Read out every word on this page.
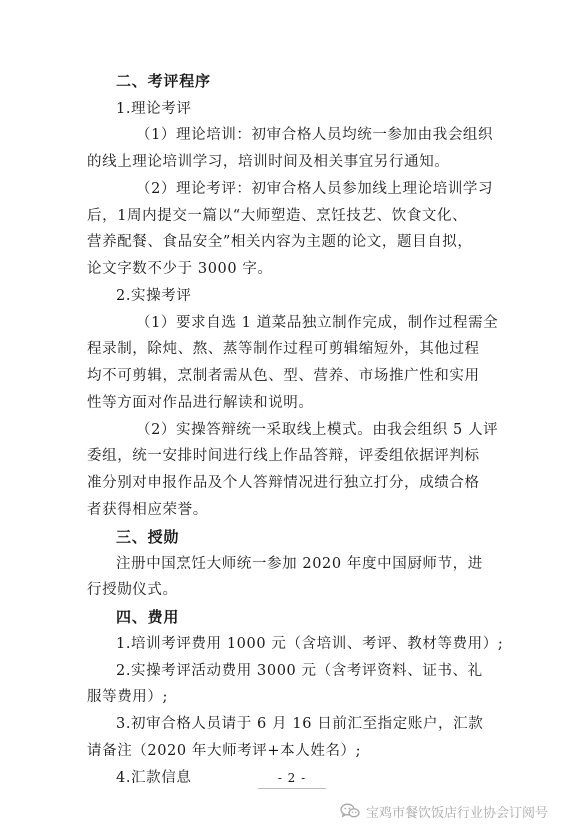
二、考评程序
1.理论考评
（1）理论培训：初审合格人员均统一参加由我会组织
的线上理论培训学习，培训时间及相关事宜另行通知。
（2）理论考评：初审合格人员参加线上理论培训学习
后，1周内提交一篇以“大师塑造、烹饪技艺、饮食文化、
营养配餐、食品安全”相关内容为主题的论文，题目自拟，
论文字数不少于 3000 字。
2.实操考评
（1）要求自选 1 道菜品独立制作完成，制作过程需全
程录制，除炖、熬、蒸等制作过程可剪辑缩短外，其他过程
均不可剪辑，烹制者需从色、型、营养、市场推广性和实用
性等方面对作品进行解读和说明。
（2）实操答辩统一采取线上模式。由我会组织 5 人评
委组，统一安排时间进行线上作品答辩，评委组依据评判标
准分别对申报作品及个人答辩情况进行独立打分，成绩合格
者获得相应荣誉。
三、授勋
注册中国烹饪大师统一参加 2020 年度中国厨师节，进
行授勋仪式。
四、费用
1.培训考评费用 1000 元（含培训、考评、教材等费用）;
2.实操考评活动费用 3000 元（含考评资料、证书、礼
服等费用）;
3.初审合格人员请于 6 月 16 日前汇至指定账户，汇款
请备注（2020 年大师考评+本人姓名）;
4.汇款信息	- 2 -
宝鸡市餐饮饭店行业协会订阅号
